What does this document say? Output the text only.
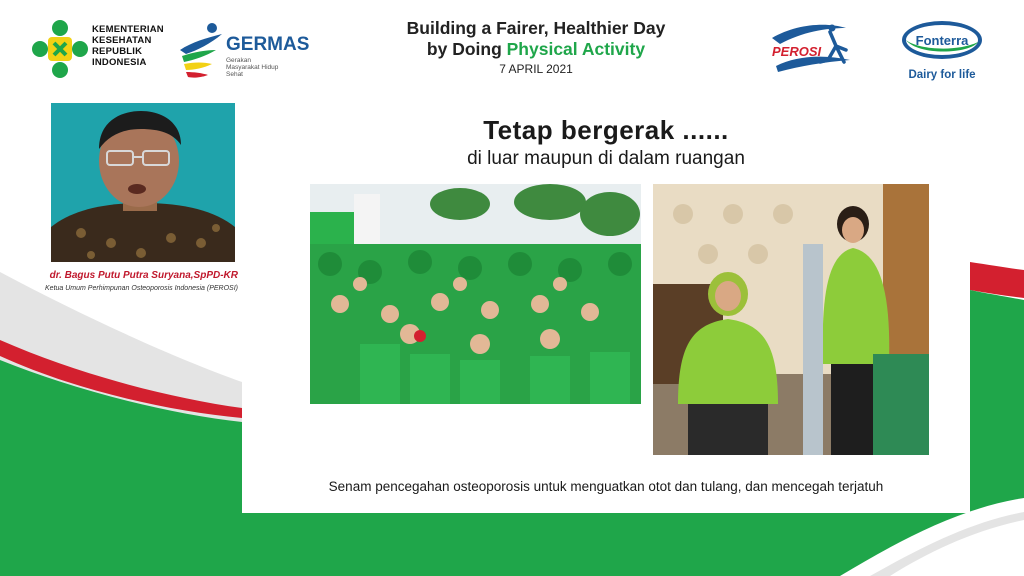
KEMENTERIAN
KESEHATAN
REPUBLIK
INDONESIA
GERMAS
Gerakan Masyarakat Hidup Sehat
Building a Fairer, Healthier Day
by Doing Physical Activity
7 APRIL 2021
PEROSI
Fonterra
Dairy for life
dr. Bagus Putu Putra Suryana,SpPD-KR
Ketua Umum Perhimpunan Osteoporosis Indonesia (PEROSI)
Tetap bergerak ......
di luar maupun di dalam ruangan
Senam pencegahan osteoporosis untuk menguatkan otot dan tulang, dan mencegah terjatuh
